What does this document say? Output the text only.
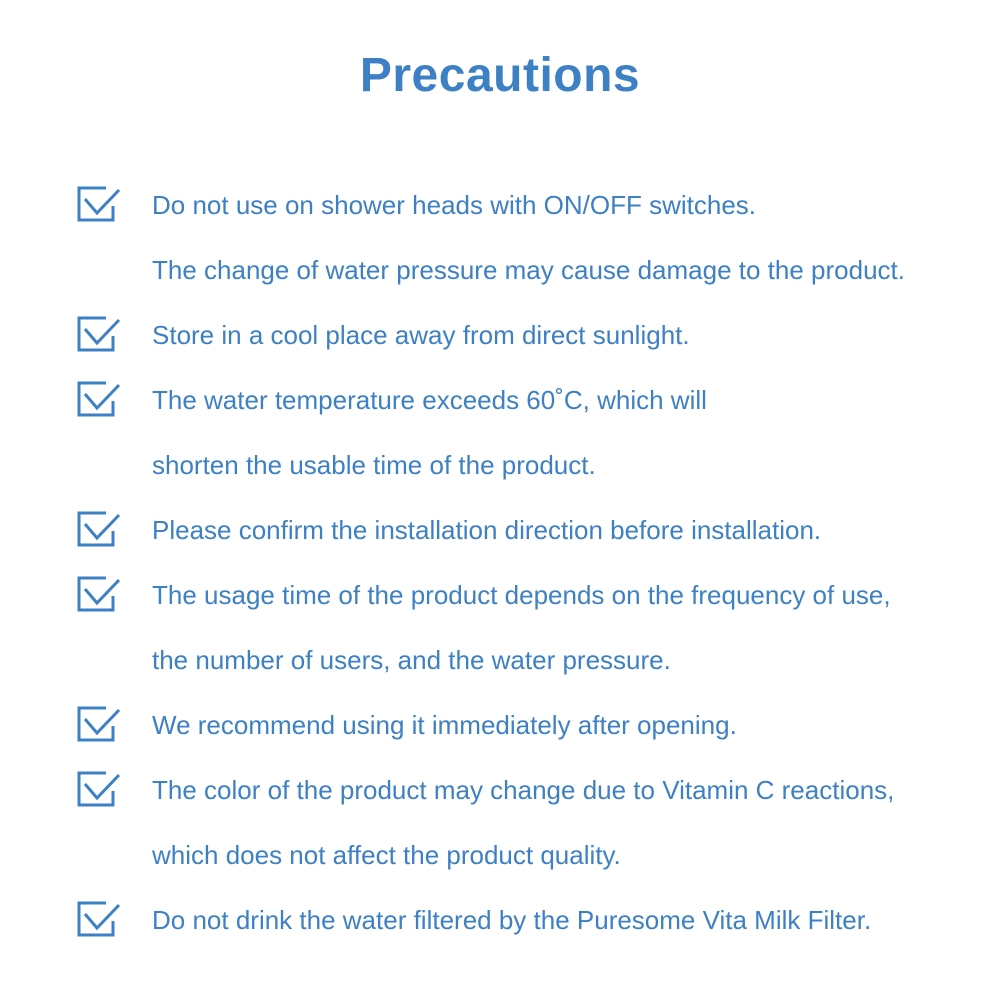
Precautions
Do not use on shower heads with ON/OFF switches.
The change of water pressure may cause damage to the product.
Store in a cool place away from direct sunlight.
The water temperature exceeds 60˚C, which will
shorten the usable time of the product.
Please confirm the installation direction before installation.
The usage time of the product depends on the frequency of use,
the number of users, and the water pressure.
We recommend using it immediately after opening.
The color of the product may change due to Vitamin C reactions,
which does not affect the product quality.
Do not drink the water filtered by the Puresome Vita Milk Filter.
